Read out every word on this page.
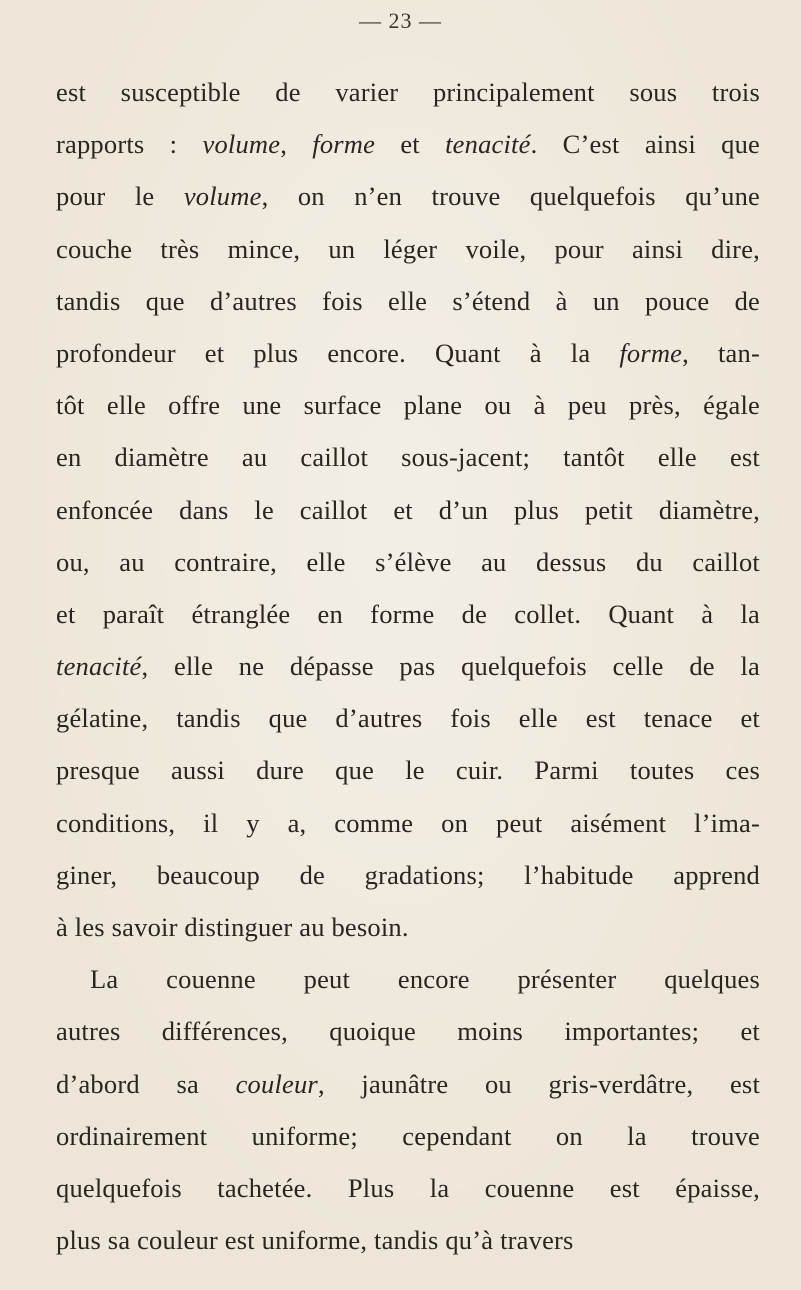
— 23 —
est susceptible de varier principalement sous trois
rapports : volume, forme et tenacité. C’est ainsi que
pour le volume, on n’en trouve quelquefois qu’une
couche très mince, un léger voile, pour ainsi dire,
tandis que d’autres fois elle s’étend à un pouce de
profondeur et plus encore. Quant à la forme, tan-
tôt elle offre une surface plane ou à peu près, égale
en diamètre au caillot sous-jacent; tantôt elle est
enfoncée dans le caillot et d’un plus petit diamètre,
ou, au contraire, elle s’élève au dessus du caillot
et paraît étranglée en forme de collet. Quant à la
tenacité, elle ne dépasse pas quelquefois celle de la
gélatine, tandis que d’autres fois elle est tenace et
presque aussi dure que le cuir. Parmi toutes ces
conditions, il y a, comme on peut aisément l’ima-
giner, beaucoup de gradations; l’habitude apprend
à les savoir distinguer au besoin.
La couenne peut encore présenter quelques
autres différences, quoique moins importantes; et
d’abord sa couleur, jaunâtre ou gris-verdâtre, est
ordinairement uniforme; cependant on la trouve
quelquefois tachetée. Plus la couenne est épaisse,
plus sa couleur est uniforme, tandis qu’à travers
